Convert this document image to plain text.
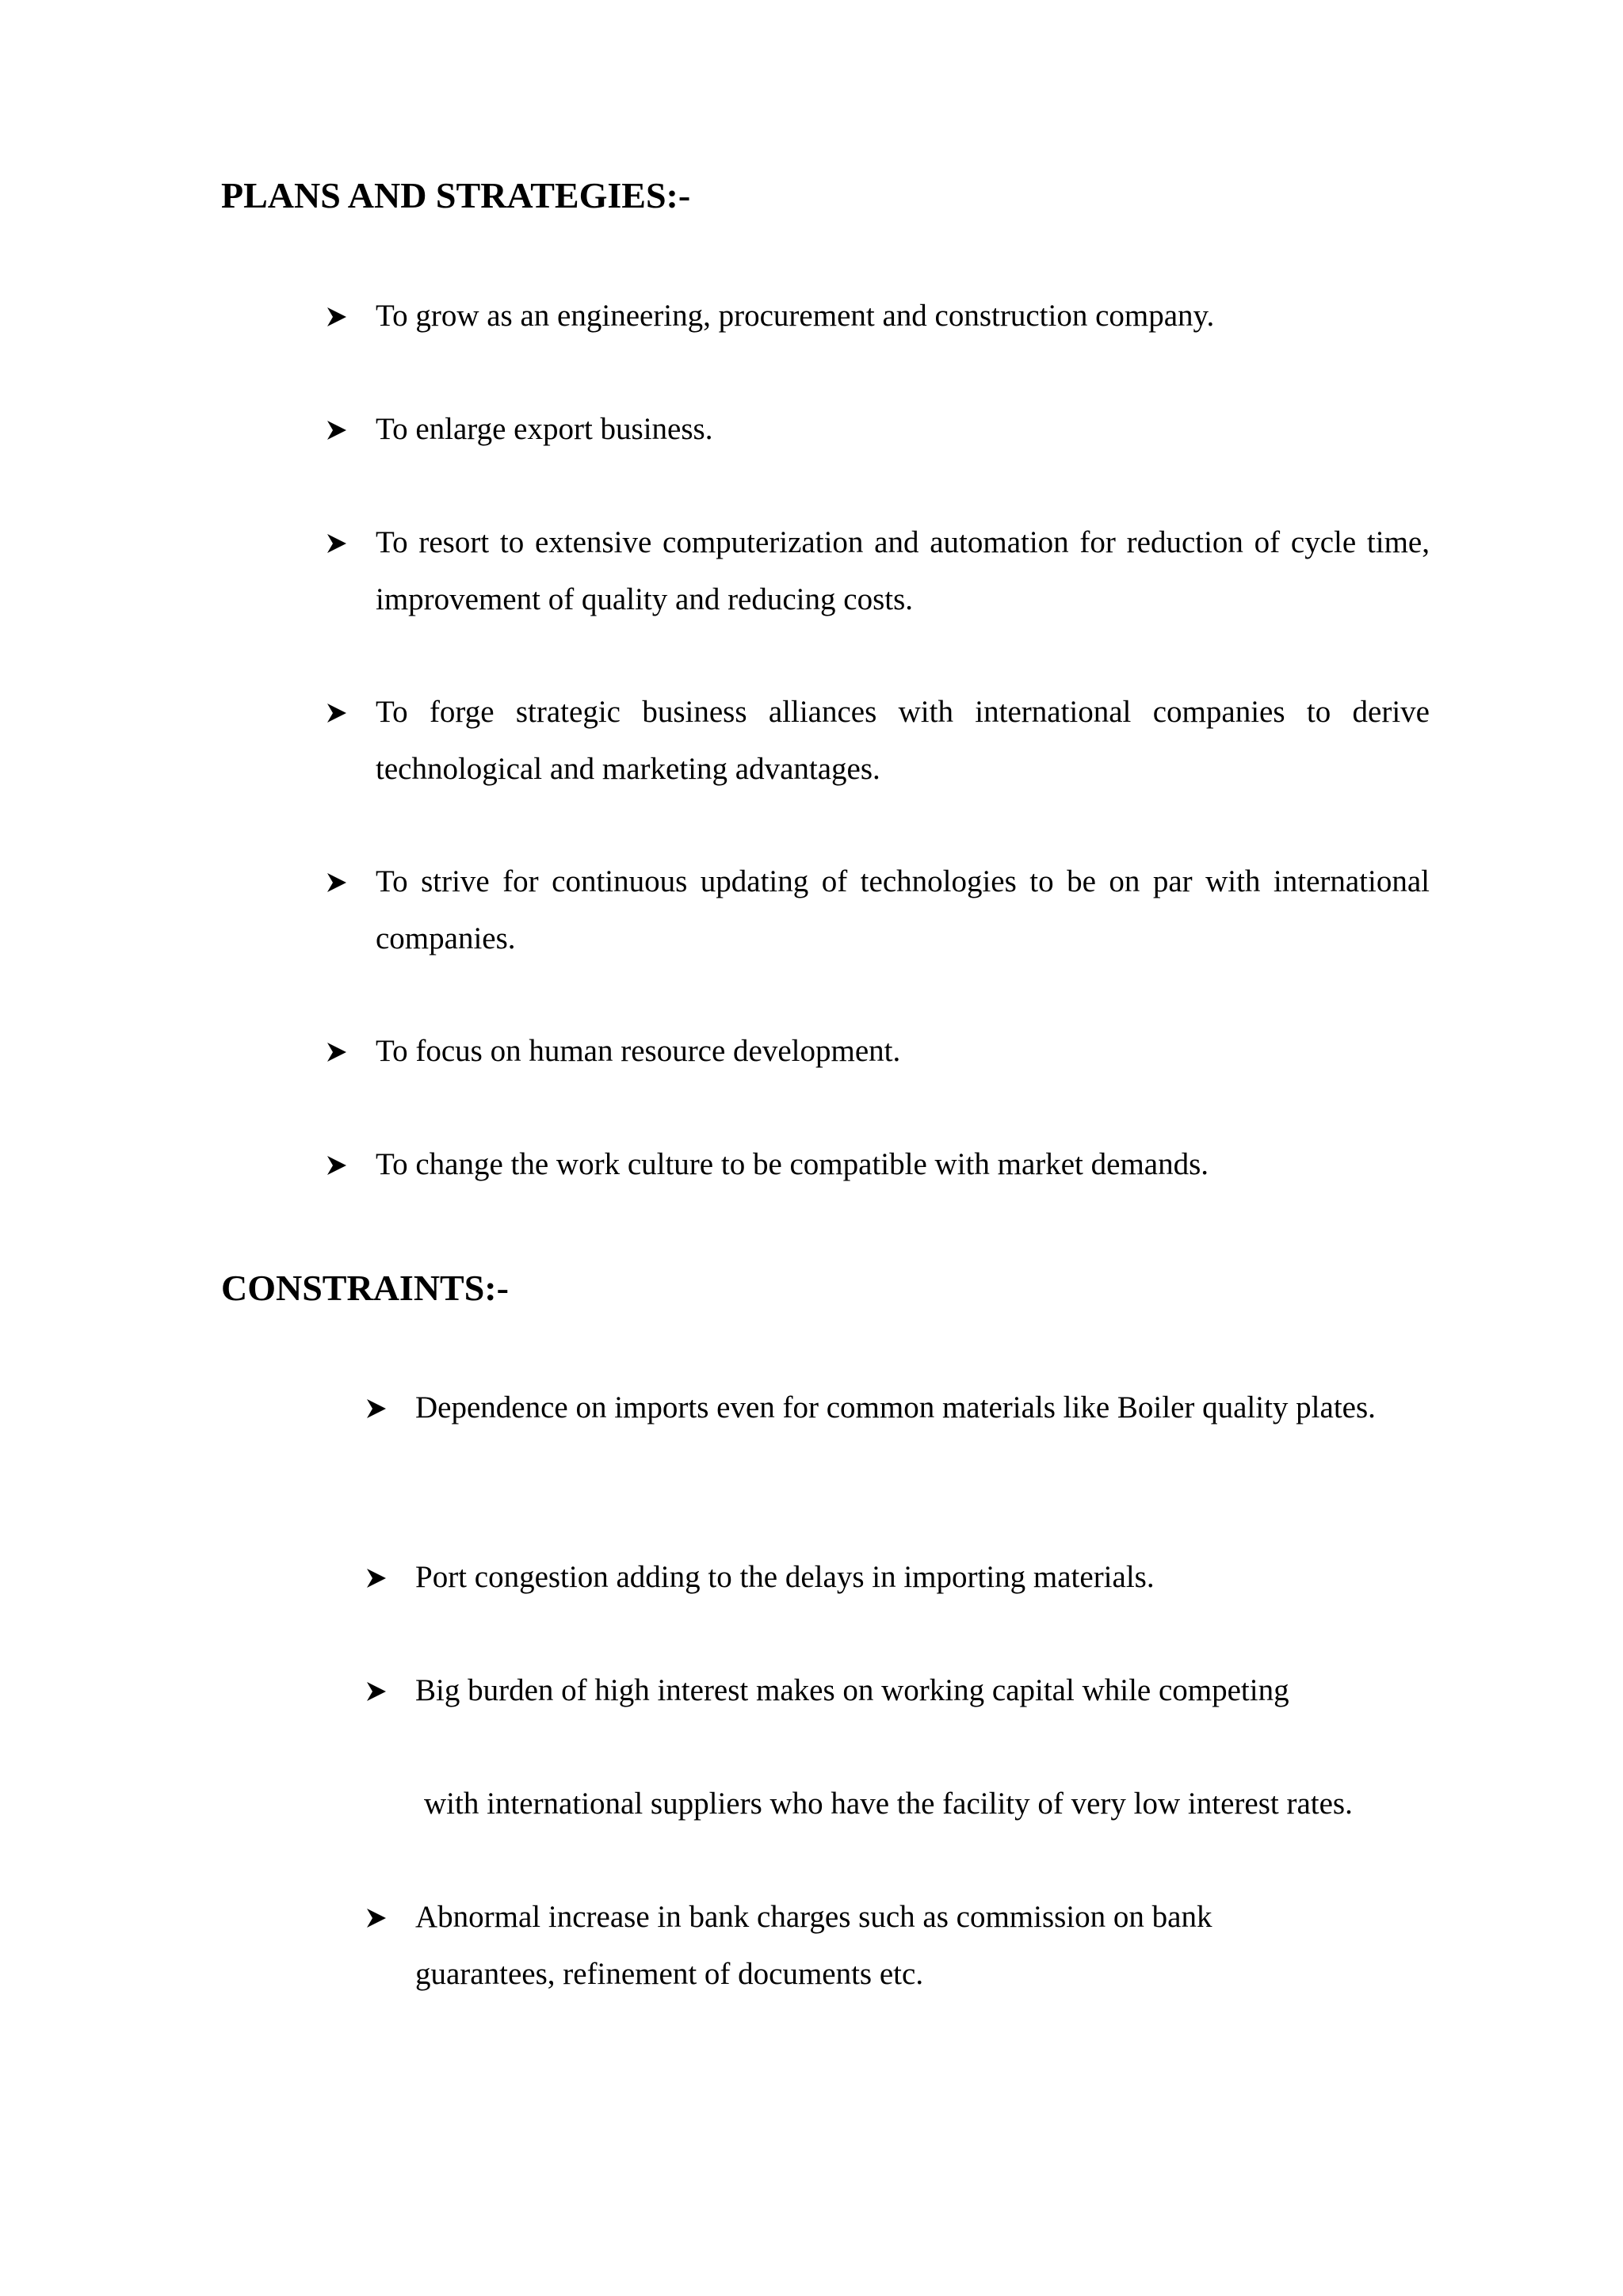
PLANS AND STRATEGIES:-
To grow as an engineering, procurement and construction company.
To enlarge export business.
To resort to extensive computerization and automation for reduction of cycle time, improvement of quality and reducing costs.
To forge strategic business alliances with international companies to derive technological and marketing advantages.
To strive for continuous updating of technologies to be on par with international companies.
To focus on human resource development.
To change the work culture to be compatible with market demands.
CONSTRAINTS:-
Dependence on imports even for common materials like Boiler quality plates.
Port congestion adding to the delays in importing materials.
Big burden of high interest makes on working capital while competing

with international suppliers who have the facility of very low interest rates.

Abnormal increase in bank charges such as commission on bank guarantees, refinement of documents etc.
